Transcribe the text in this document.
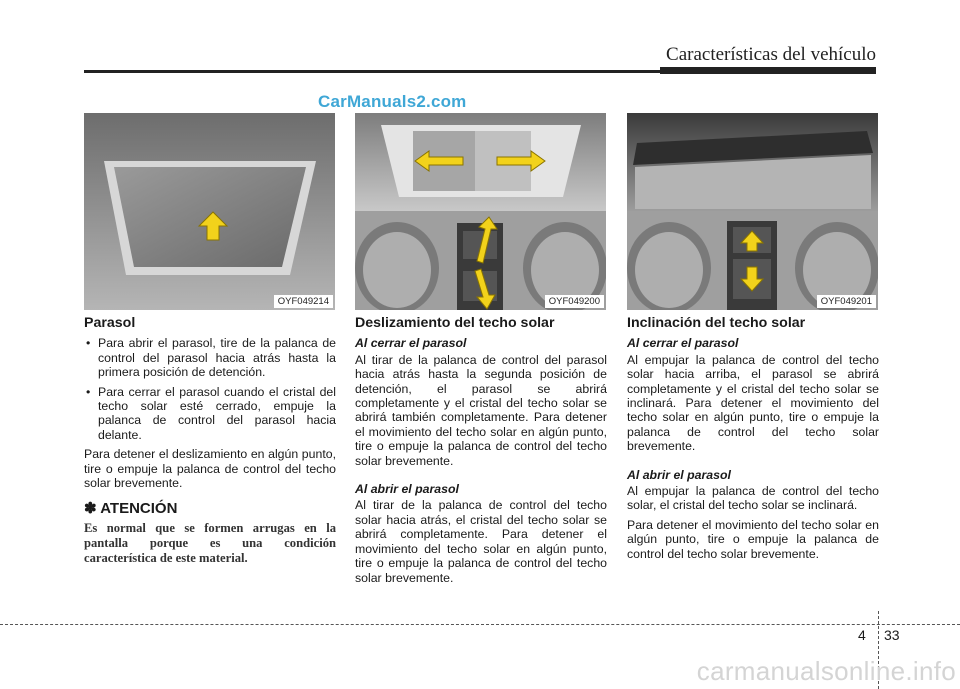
Características del vehículo
CarManuals2.com
OYF049214	OYF049200	OYF049201
Parasol
• Para abrir el parasol, tire de la palanca de control del parasol hacia atrás hasta la primera posición de detención.
• Para cerrar el parasol cuando el cristal del techo solar esté cerrado, empuje la palanca de control del parasol hacia delante.

Para detener el deslizamiento en algún punto, tire o empuje la palanca de control del techo solar brevemente.

✽ ATENCIÓN
Es normal que se formen arrugas en la pantalla porque es una condición característica de este material.
Deslizamiento del techo solar
Al cerrar el parasol

Al tirar de la palanca de control del parasol hacia atrás hasta la segunda posición de detención, el parasol se abrirá completamente y el cristal del techo solar se abrirá también completamente. Para detener el movimiento del techo solar en algún punto, tire o empuje la palanca de control del techo solar brevemente.

Al abrir el parasol

Al tirar de la palanca de control del techo solar hacia atrás, el cristal del techo solar se abrirá completamente. Para detener el movimiento del techo solar en algún punto, tire o empuje la palanca de control del techo solar brevemente.

Inclinación del techo solar
Al cerrar el parasol

Al empujar la palanca de control del techo solar hacia arriba, el parasol se abrirá completamente y el cristal del techo solar se inclinará. Para detener el movimiento del techo solar en algún punto, tire o empuje la palanca de control del techo solar brevemente.

Al abrir el parasol

Al empujar la palanca de control del techo solar, el cristal del techo solar se inclinará.

Para detener el movimiento del techo solar en algún punto, tire o empuje la palanca de control del techo solar brevemente.

4 33
carmanualsonline.info
